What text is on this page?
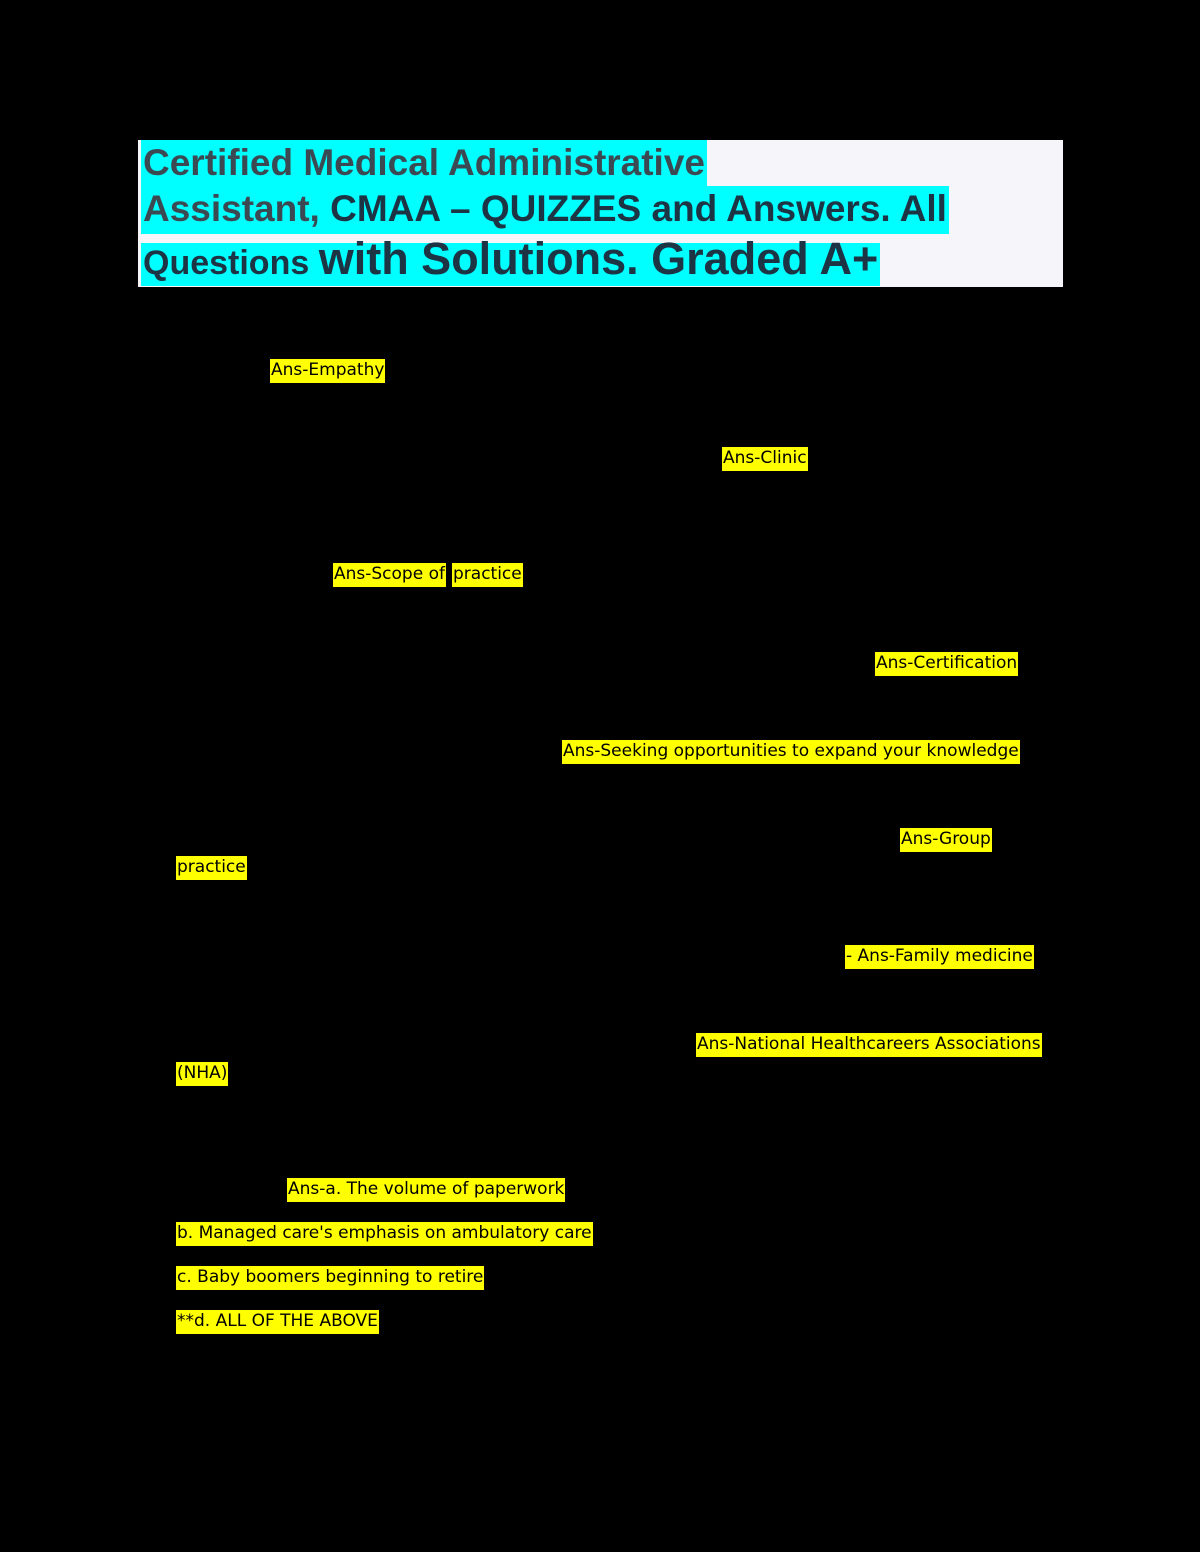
Certified Medical Administrative
Assistant, CMAA – QUIZZES and Answers. All
Questions with Solutions. Graded A+
Ans-Empathy
Ans-Clinic
Ans-Scope of practice
Ans-Certification
Ans-Seeking opportunities to expand your knowledge
Ans-Group
practice
- Ans-Family medicine
Ans-National Healthcareers Associations
(NHA)
Ans-a. The volume of paperwork
b. Managed care's emphasis on ambulatory care
c. Baby boomers beginning to retire
**d. ALL OF THE ABOVE
